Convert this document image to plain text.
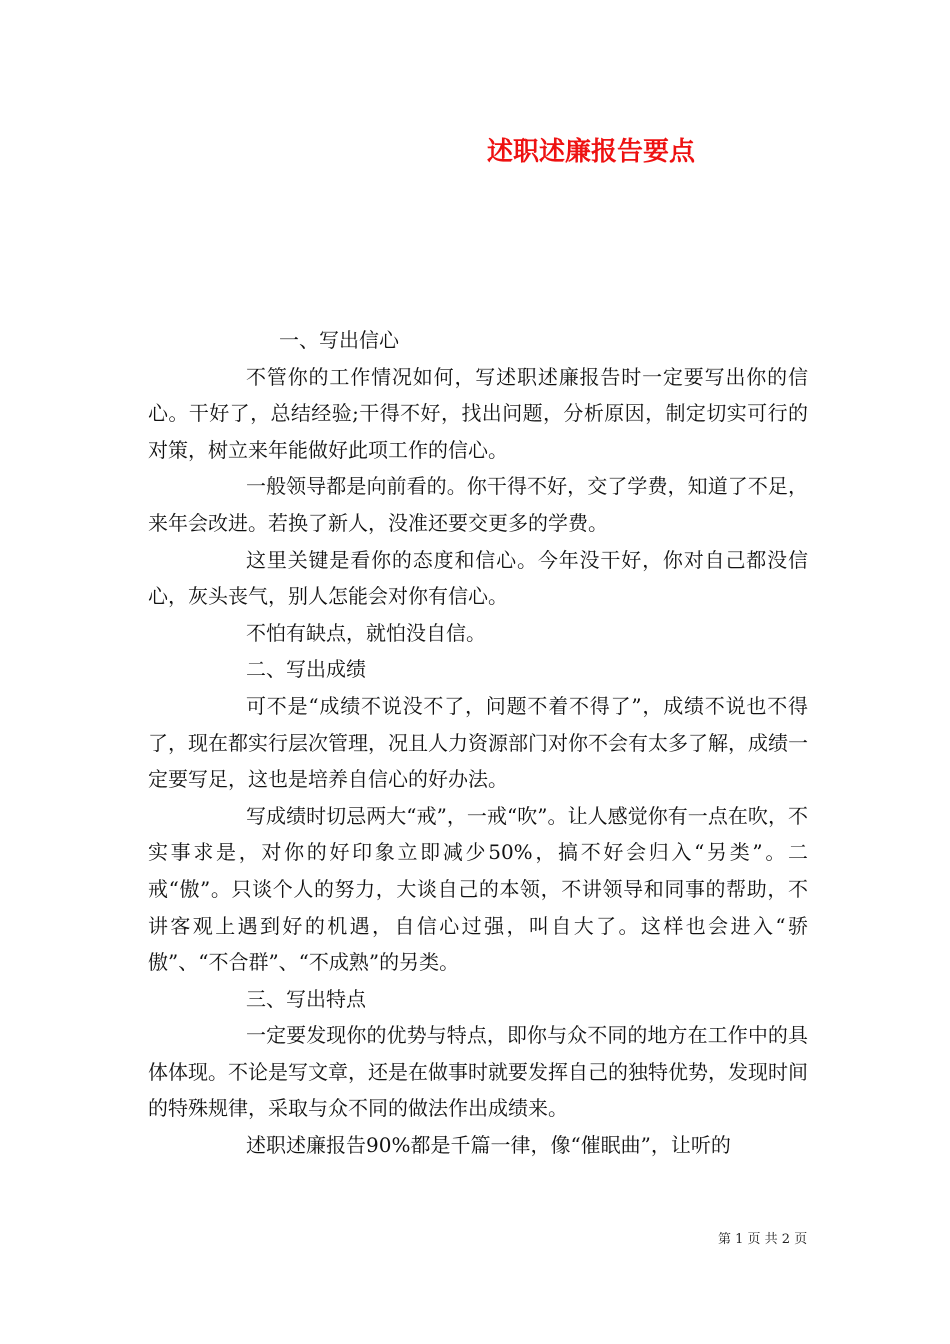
述职述廉报告要点

一、写出信心

不管你的工作情况如何，写述职述廉报告时一定要写出你的信心。干好了，总结经验;干得不好，找出问题，分析原因，制定切实可行的对策，树立来年能做好此项工作的信心。

一般领导都是向前看的。你干得不好，交了学费，知道了不足，来年会改进。若换了新人，没准还要交更多的学费。

这里关键是看你的态度和信心。今年没干好，你对自己都没信心，灰头丧气，别人怎能会对你有信心。

不怕有缺点，就怕没自信。

二、写出成绩

可不是“成绩不说没不了，问题不着不得了”，成绩不说也不得了，现在都实行层次管理，况且人力资源部门对你不会有太多了解，成绩一定要写足，这也是培养自信心的好办法。

写成绩时切忌两大“戒”，一戒“吹”。让人感觉你有一点在吹，不实事求是，对你的好印象立即减少50%，搞不好会归入“另类”。二戒“傲”。只谈个人的努力，大谈自己的本领，不讲领导和同事的帮助，不讲客观上遇到好的机遇，自信心过强，叫自大了。这样也会进入“骄傲”、“不合群”、“不成熟”的另类。

三、写出特点

一定要发现你的优势与特点，即你与众不同的地方在工作中的具体体现。不论是写文章，还是在做事时就要发挥自己的独特优势，发现时间的特殊规律，采取与众不同的做法作出成绩来。

述职述廉报告90%都是千篇一律，像“催眠曲”，让听的

第 1 页 共 2 页
